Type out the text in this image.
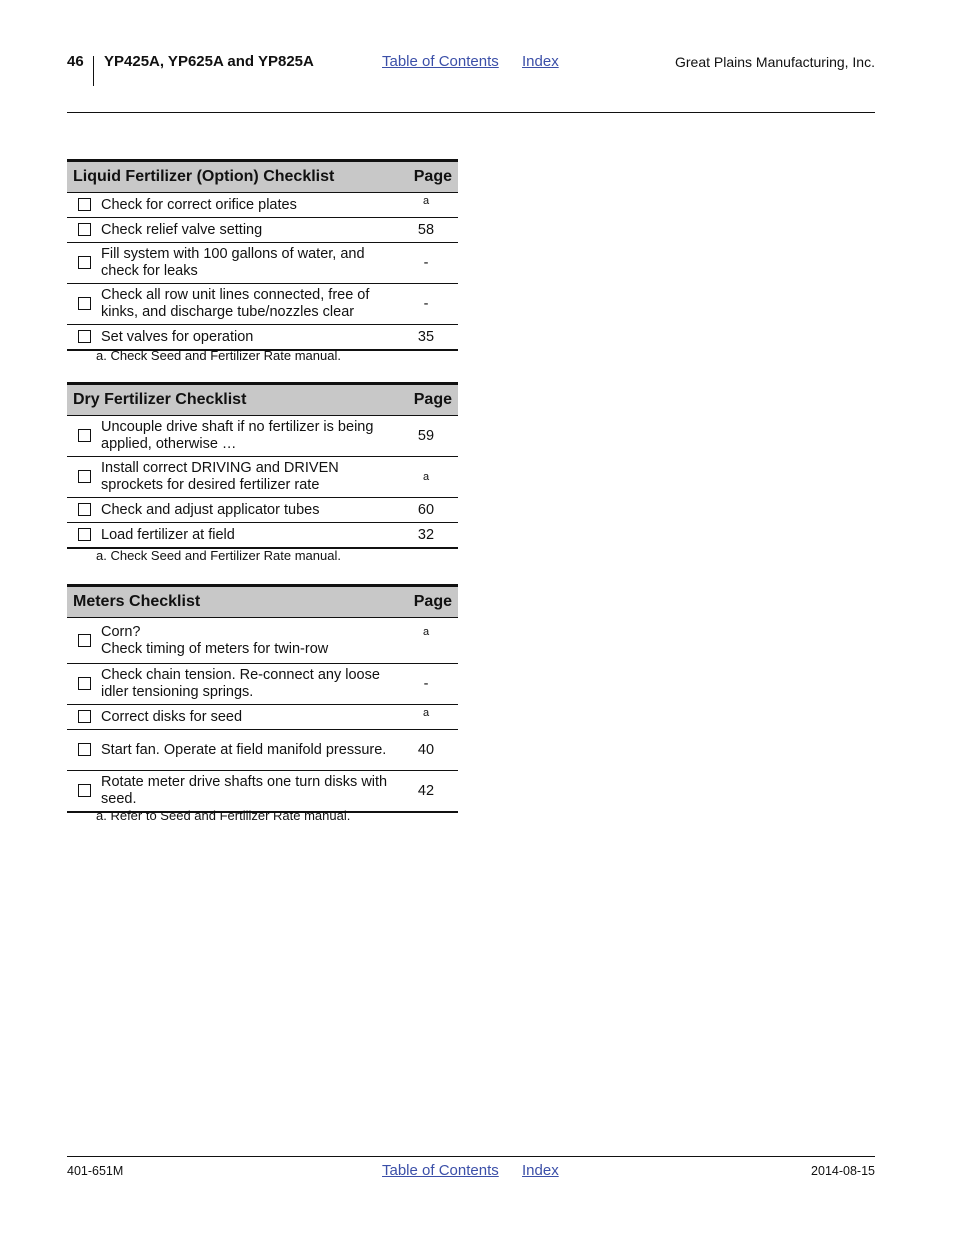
46 YP425A, YP625A and YP825A	Table of Contents Index	Great Plains Manufacturing, Inc.
Liquid Fertilizer (Option) Checklist		Page
	Check for correct orifice plates	a
	Check relief valve setting	58
	Fill system with 100 gallons of water, and check for leaks	-
	Check all row unit lines connected, free of kinks, and discharge tube/nozzles clear	-
	Set valves for operation	35
a. Check Seed and Fertilizer Rate manual.
Dry Fertilizer Checklist		Page
	Uncouple drive shaft if no fertilizer is being applied, otherwise …	59
	Install correct DRIVING and DRIVEN sprockets for desired fertilizer rate	a
	Check and adjust applicator tubes	60
	Load fertilizer at field	32
a. Check Seed and Fertilizer Rate manual.
Meters Checklist		Page

	Corn?
Check timing of meters for twin-row	a
	Check chain tension. Re-connect any loose idler tensioning springs.	-
	Correct disks for seed	a
	Start fan. Operate at field manifold pressure.	40
	Rotate meter drive shafts one turn disks with seed.	42
a. Refer to Seed and Fertilizer Rate manual.
401-651M	Table of Contents Index	2014-08-15
